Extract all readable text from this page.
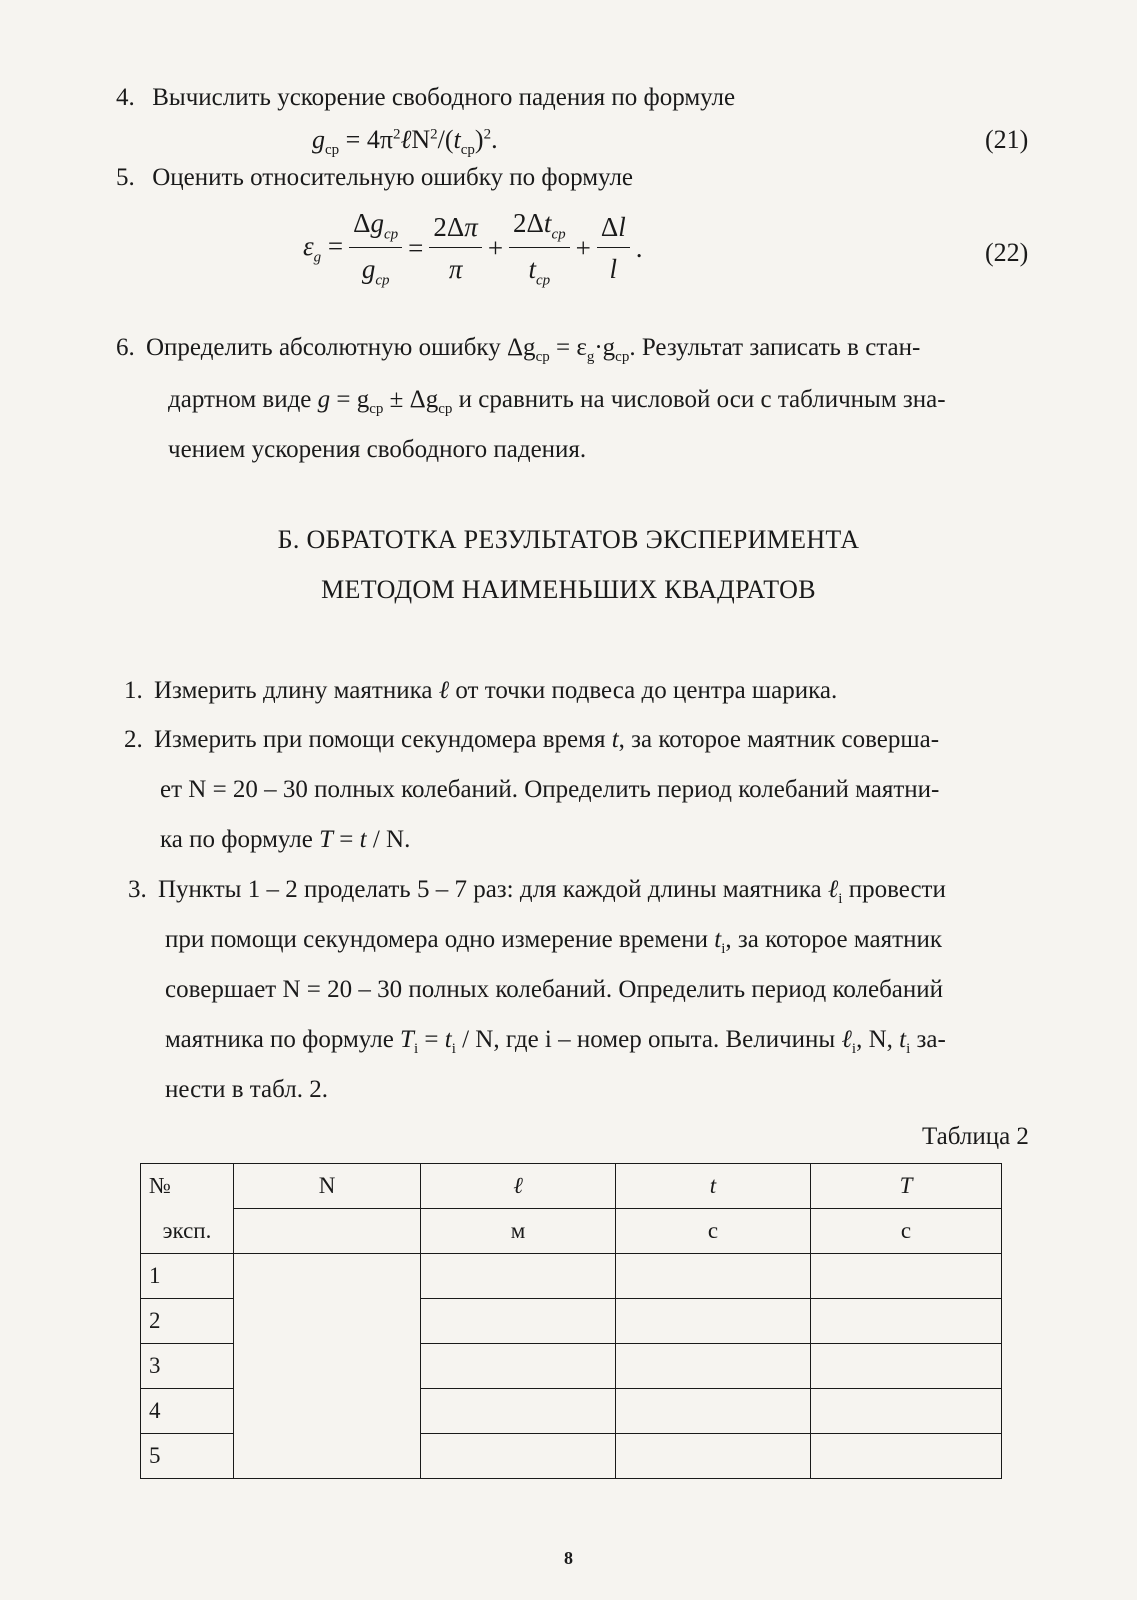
4. Вычислить ускорение свободного падения по формуле
$g_{ср}$ = $4\pi^2\ell N^2/(t_{ср})^2$.	(21)
5. Оценить относительную ошибку по формуле
$\varepsilon_g = \frac{\Delta g_{ср}}{g_{ср}} = \frac{2\Delta\pi}{\pi} + \frac{2\Delta t_{ср}}{t_{ср}} + \frac{\Delta l}{l}$ .	(22)
6. Определить абсолютную ошибку $\Delta g_{ср} = \varepsilon_g\cdot g_{ср}$. Результат записать в стан-
дартном виде $g = g_{ср} \pm \Delta g_{ср}$ и сравнить на числовой оси с табличным зна-
чением ускорения свободного падения.
Б. ОБРАТОТКА РЕЗУЛЬТАТОВ ЭКСПЕРИМЕНТА
МЕТОДОМ НАИМЕНЬШИХ КВАДРАТОВ
1. Измерить длину маятника ℓ от точки подвеса до центра шарика.
2. Измерить при помощи секундомера время t, за которое маятник соверша-
ет N = 20 – 30 полных колебаний. Определить период колебаний маятни-
ка по формуле T = t / N.
3. Пункты 1 – 2 проделать 5 – 7 раз: для каждой длины маятника ℓ$_i$ провести
при помощи секундомера одно измерение времени $t_i$, за которое маятник
совершает N = 20 – 30 полных колебаний. Определить период колебаний
маятника по формуле $T_i = t_i / N$, где i – номер опыта. Величины ℓ$_i$, N, $t_i$ за-
нести в табл. 2.
Таблица 2
№	N	ℓ	t	T
эксп.		м	с	с
1				
2				
3				
4				
5				
8
